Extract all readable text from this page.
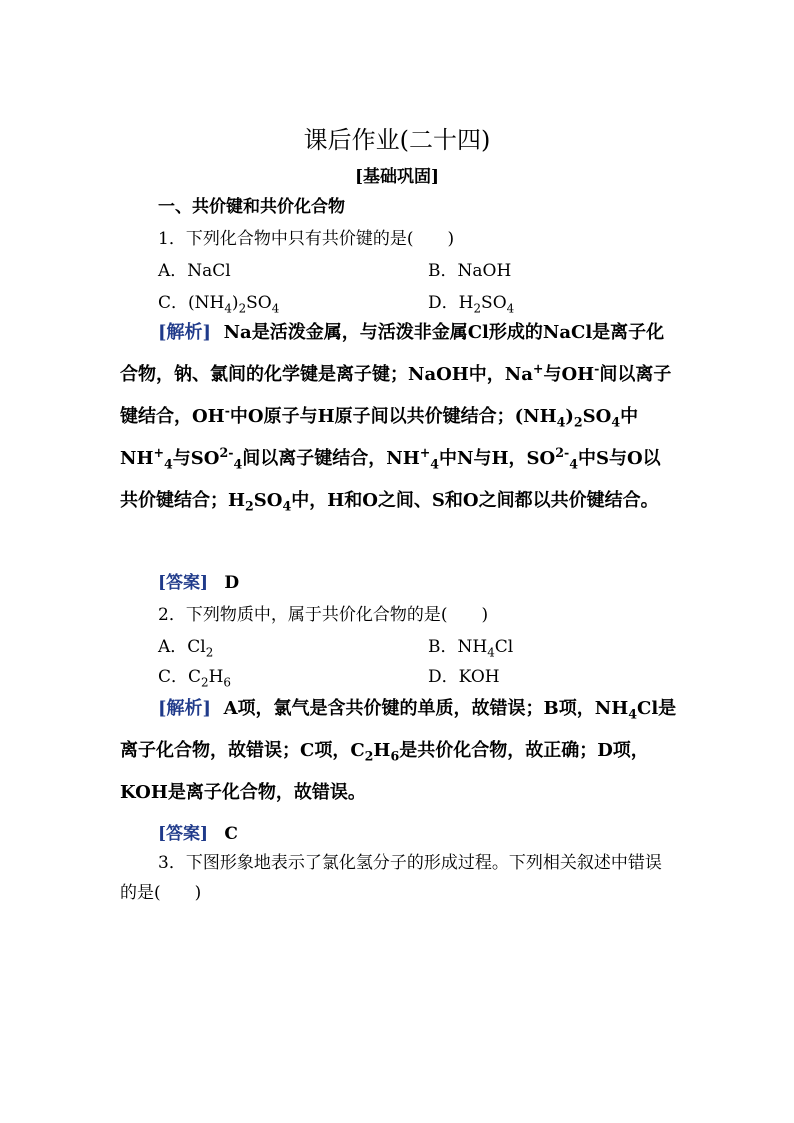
课后作业(二十四)
[基础巩固]
一、共价键和共价化合物
1．下列化合物中只有共价键的是(　　)
A．NaCl	B．NaOH
C．$(NH_4)_2SO_4$	D．$H_2SO_4$
[解析] Na是活泼金属，与活泼非金属Cl形成的NaCl是离子化合物，钠、氯间的化学键是离子键；NaOH中，Na+与OH-间以离子键结合，OH-中O原子与H原子间以共价键结合；$(NH_4)_2SO_4$中$NH^+_4$与$SO^{2-}_4$间以离子键结合，$NH^+_4$中N与H，$SO^{2-}_4$中S与O以共价键结合；$H_2SO_4$中，H和O之间、S和O之间都以共价键结合。
[答案] D
2．下列物质中，属于共价化合物的是(　　)
A．$Cl_2$	B．$NH_4Cl$
C．$C_2H_6$	D．KOH
[解析] A项，氯气是含共价键的单质，故错误；B项，$NH_4Cl$是离子化合物，故错误；C项，$C_2H_6$是共价化合物，故正确；D项，KOH是离子化合物，故错误。
[答案] C
3．下图形象地表示了氯化氢分子的形成过程。下列相关叙述中错误的是(　　)
